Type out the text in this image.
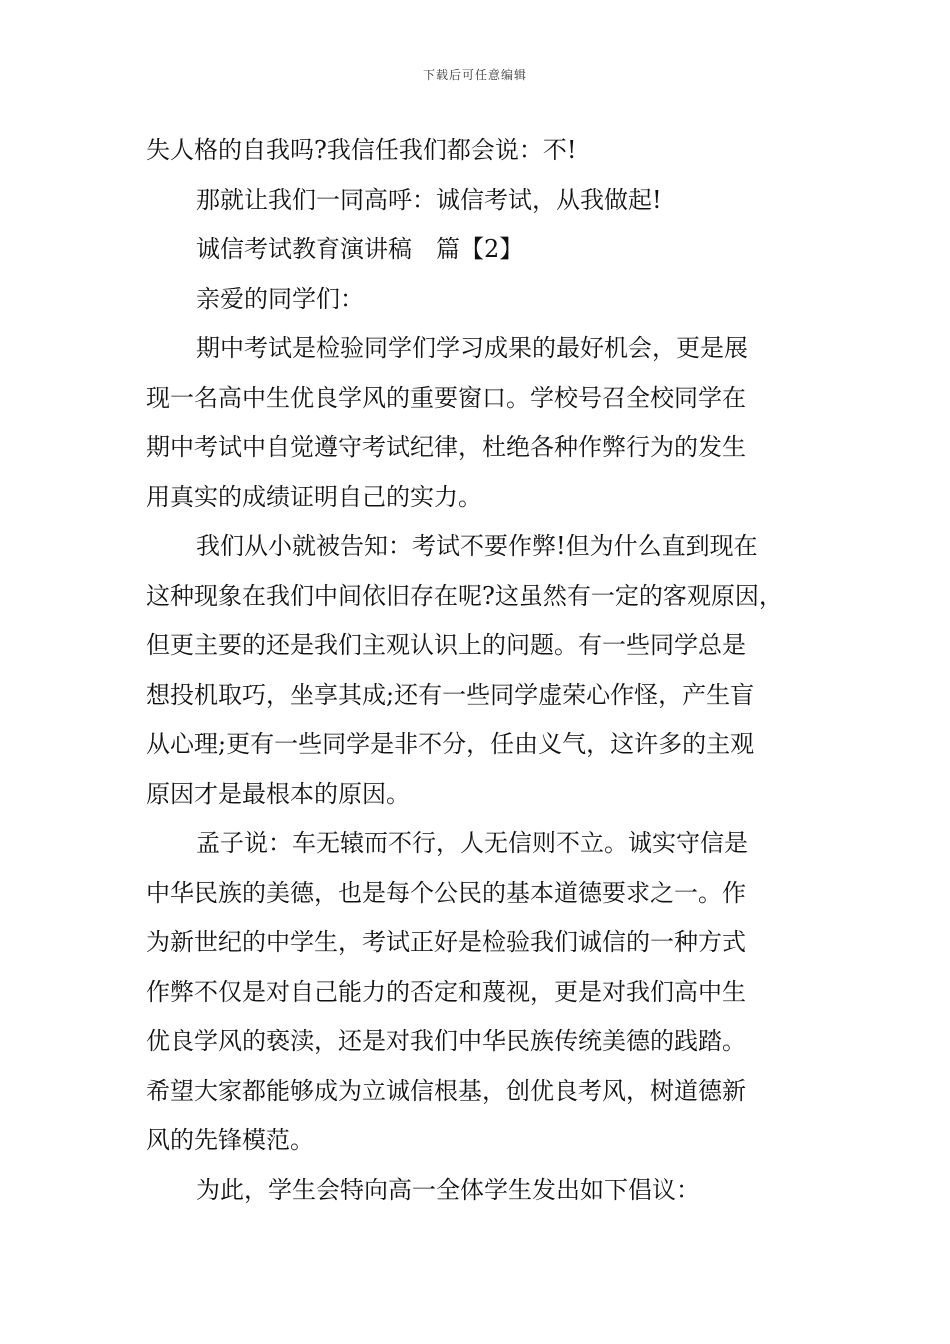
下载后可任意编辑
失人格的自我吗?我信任我们都会说：不!
那就让我们一同高呼：诚信考试，从我做起!
诚信考试教育演讲稿　篇【2】
亲爱的同学们：
期中考试是检验同学们学习成果的最好机会，更是展
现一名高中生优良学风的重要窗口。学校号召全校同学在
期中考试中自觉遵守考试纪律，杜绝各种作弊行为的发生
用真实的成绩证明自己的实力。
我们从小就被告知：考试不要作弊!但为什么直到现在
这种现象在我们中间依旧存在呢?这虽然有一定的客观原因，
但更主要的还是我们主观认识上的问题。有一些同学总是
想投机取巧，坐享其成;还有一些同学虚荣心作怪，产生盲
从心理;更有一些同学是非不分，任由义气，这许多的主观
原因才是最根本的原因。
孟子说：车无辕而不行，人无信则不立。诚实守信是
中华民族的美德，也是每个公民的基本道德要求之一。作
为新世纪的中学生，考试正好是检验我们诚信的一种方式
作弊不仅是对自己能力的否定和蔑视，更是对我们高中生
优良学风的亵渎，还是对我们中华民族传统美德的践踏。
希望大家都能够成为立诚信根基，创优良考风，树道德新
风的先锋模范。
为此，学生会特向高一全体学生发出如下倡议：
